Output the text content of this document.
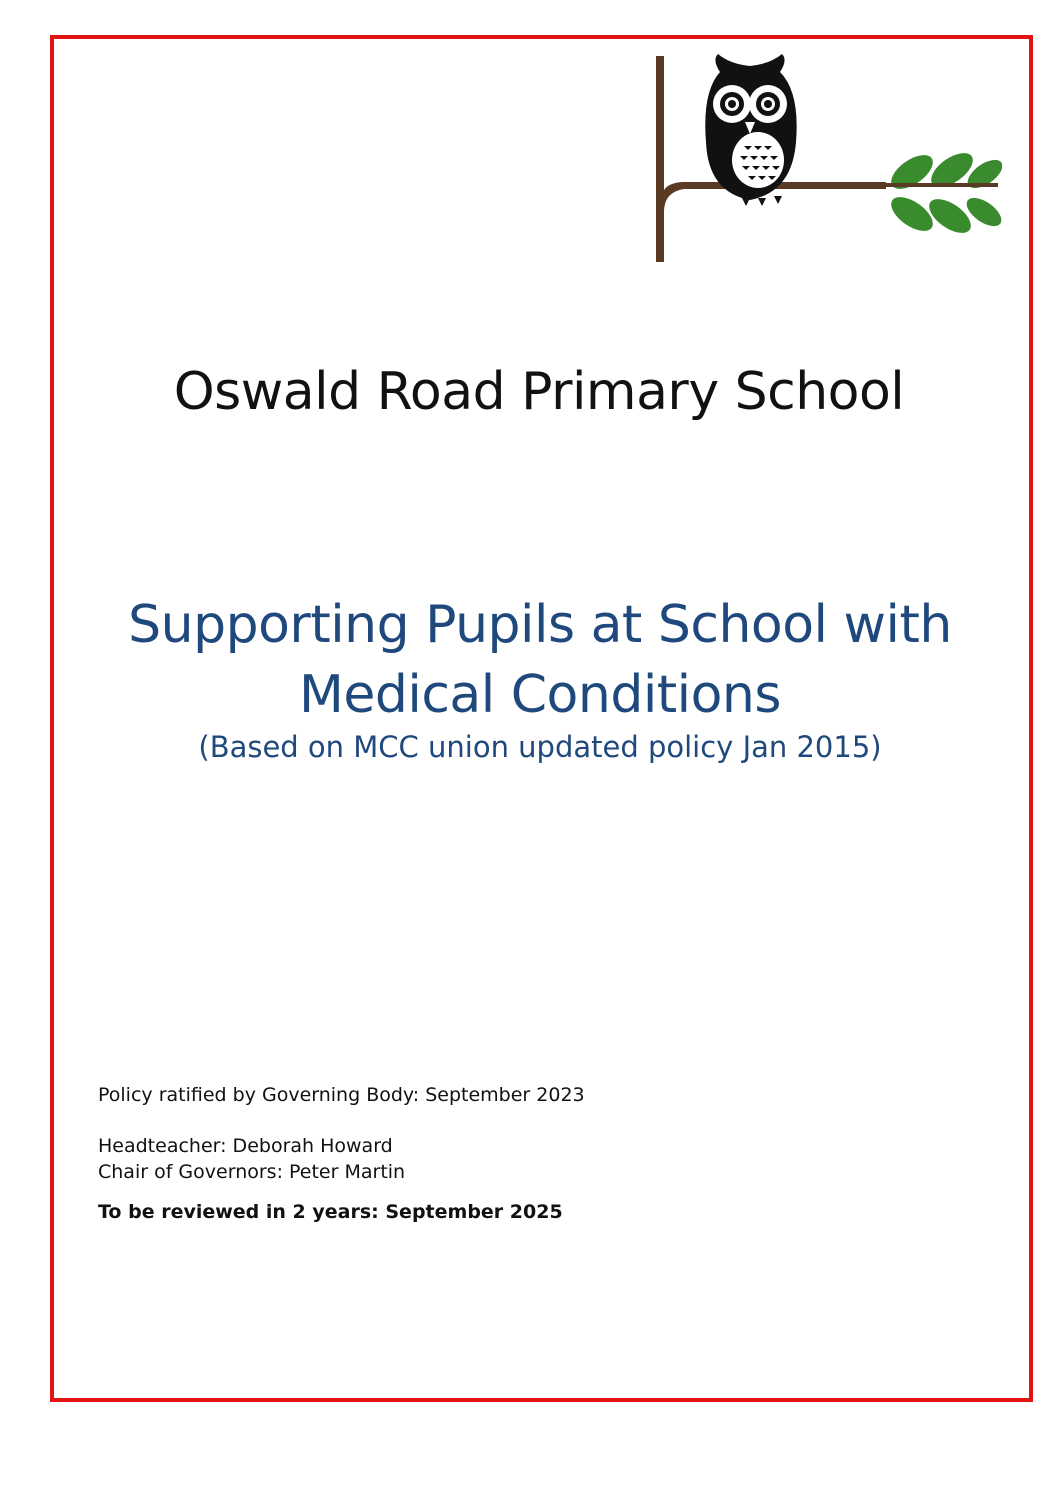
Oswald Road Primary School
Supporting Pupils at School with
Medical Conditions
(Based on MCC union updated policy Jan 2015)
Policy ratified by Governing Body: September 2023
Headteacher: Deborah Howard
Chair of Governors: Peter Martin
To be reviewed in 2 years: September 2025
